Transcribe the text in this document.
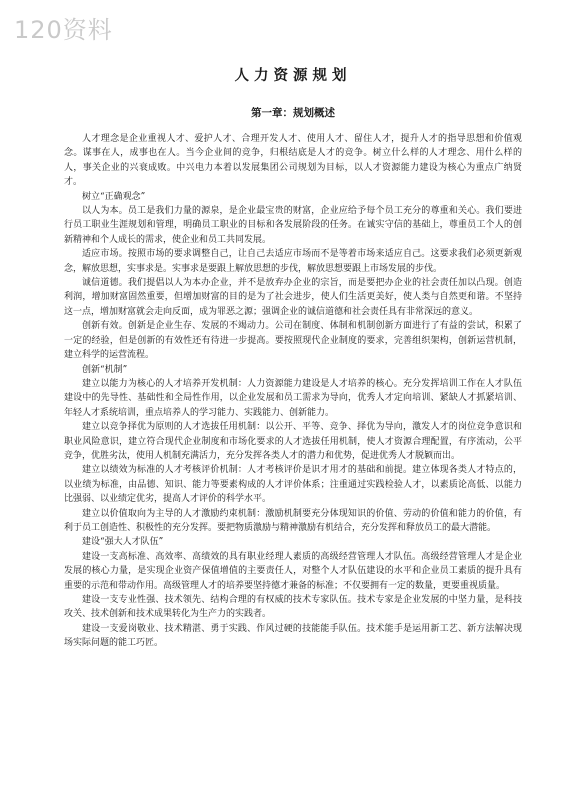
120资料
人力资源规划
第一章：规划概述

人才理念是企业重视人才、爱护人才、合理开发人才、使用人才、留住人才，提升人才的指导思想和价值观念。谋事在人，成事也在人。当今企业间的竞争，归根结底是人才的竞争。树立什么样的人才理念、用什么样的人，事关企业的兴衰成败。中兴电力本着以发展集团公司规划为目标，以人才资源能力建设为核心为重点广纳贤才。

树立“正确观念”

以人为本。员工是我们力量的源泉，是企业最宝贵的财富，企业应给予每个员工充分的尊重和关心。我们要进行员工职业生涯规划和管理，明确员工职业的目标和各发展阶段的任务。在诚实守信的基础上，尊重员工个人的创新精神和个人成长的需求，使企业和员工共同发展。

适应市场。按照市场的要求调整自己，让自己去适应市场而不是等着市场来适应自己。这要求我们必须更新观念，解放思想，实事求是。实事求是要跟上解放思想的步伐，解放思想要跟上市场发展的步伐。

诚信道德。我们提倡以人为本办企业，并不是放弃办企业的宗旨，而是要把办企业的社会责任加以凸现。创造利润，增加财富固然重要，但增加财富的目的是为了社会进步，使人们生活更美好，使人类与自然更和谐。不坚持这一点，增加财富就会走向反面，成为罪恶之源；强调企业的诚信道德和社会责任具有非常深远的意义。

创新有效。创新是企业生存、发展的不竭动力。公司在制度、体制和机制创新方面进行了有益的尝试，积累了一定的经验，但是创新的有效性还有待进一步提高。要按照现代企业制度的要求，完善组织架构，创新运营机制，建立科学的运营流程。

创新“机制”

建立以能力为核心的人才培养开发机制：人力资源能力建设是人才培养的核心。充分发挥培训工作在人才队伍建设中的先导性、基础性和全局性作用，以企业发展和员工需求为导向，优秀人才定向培训、紧缺人才抓紧培训、年轻人才系统培训，重点培养人的学习能力、实践能力、创新能力。

建立以竞争择优为原则的人才选拔任用机制：以公开、平等、竞争、择优为导向，激发人才的岗位竞争意识和职业风险意识，建立符合现代企业制度和市场化要求的人才选拔任用机制，使人才资源合理配置，有序流动，公平竞争，优胜劣汰，使用人机制充满活力，充分发挥各类人才的潜力和优势，促进优秀人才脱颖而出。

建立以绩效为标准的人才考核评价机制：人才考核评价是识才用才的基础和前提。建立体现各类人才特点的，以业绩为标准，由品德、知识、能力等要素构成的人才评价体系；注重通过实践检验人才，以素质论高低、以能力比强弱、以业绩定优劣，提高人才评价的科学水平。

建立以价值取向为主导的人才激励约束机制：激励机制要充分体现知识的价值、劳动的价值和能力的价值，有利于员工创造性、积极性的充分发挥。要把物质激励与精神激励有机结合，充分发挥和释放员工的最大潜能。

建设“强大人才队伍”

建设一支高标准、高效率、高绩效的具有职业经理人素质的高级经营管理人才队伍。高级经营管理人才是企业发展的核心力量，是实现企业资产保值增值的主要责任人，对整个人才队伍建设的水平和企业员工素质的提升具有重要的示范和带动作用。高级管理人才的培养要坚持德才兼备的标准；不仅要拥有一定的数量，更要重视质量。

建设一支专业性强、技术领先、结构合理的有权威的技术专家队伍。技术专家是企业发展的中坚力量，是科技攻关、技术创新和技术成果转化为生产力的实践者。

建设一支爱岗敬业、技术精湛、勇于实践、作风过硬的技能能手队伍。技术能手是运用新工艺、新方法解决现场实际问题的能工巧匠。
